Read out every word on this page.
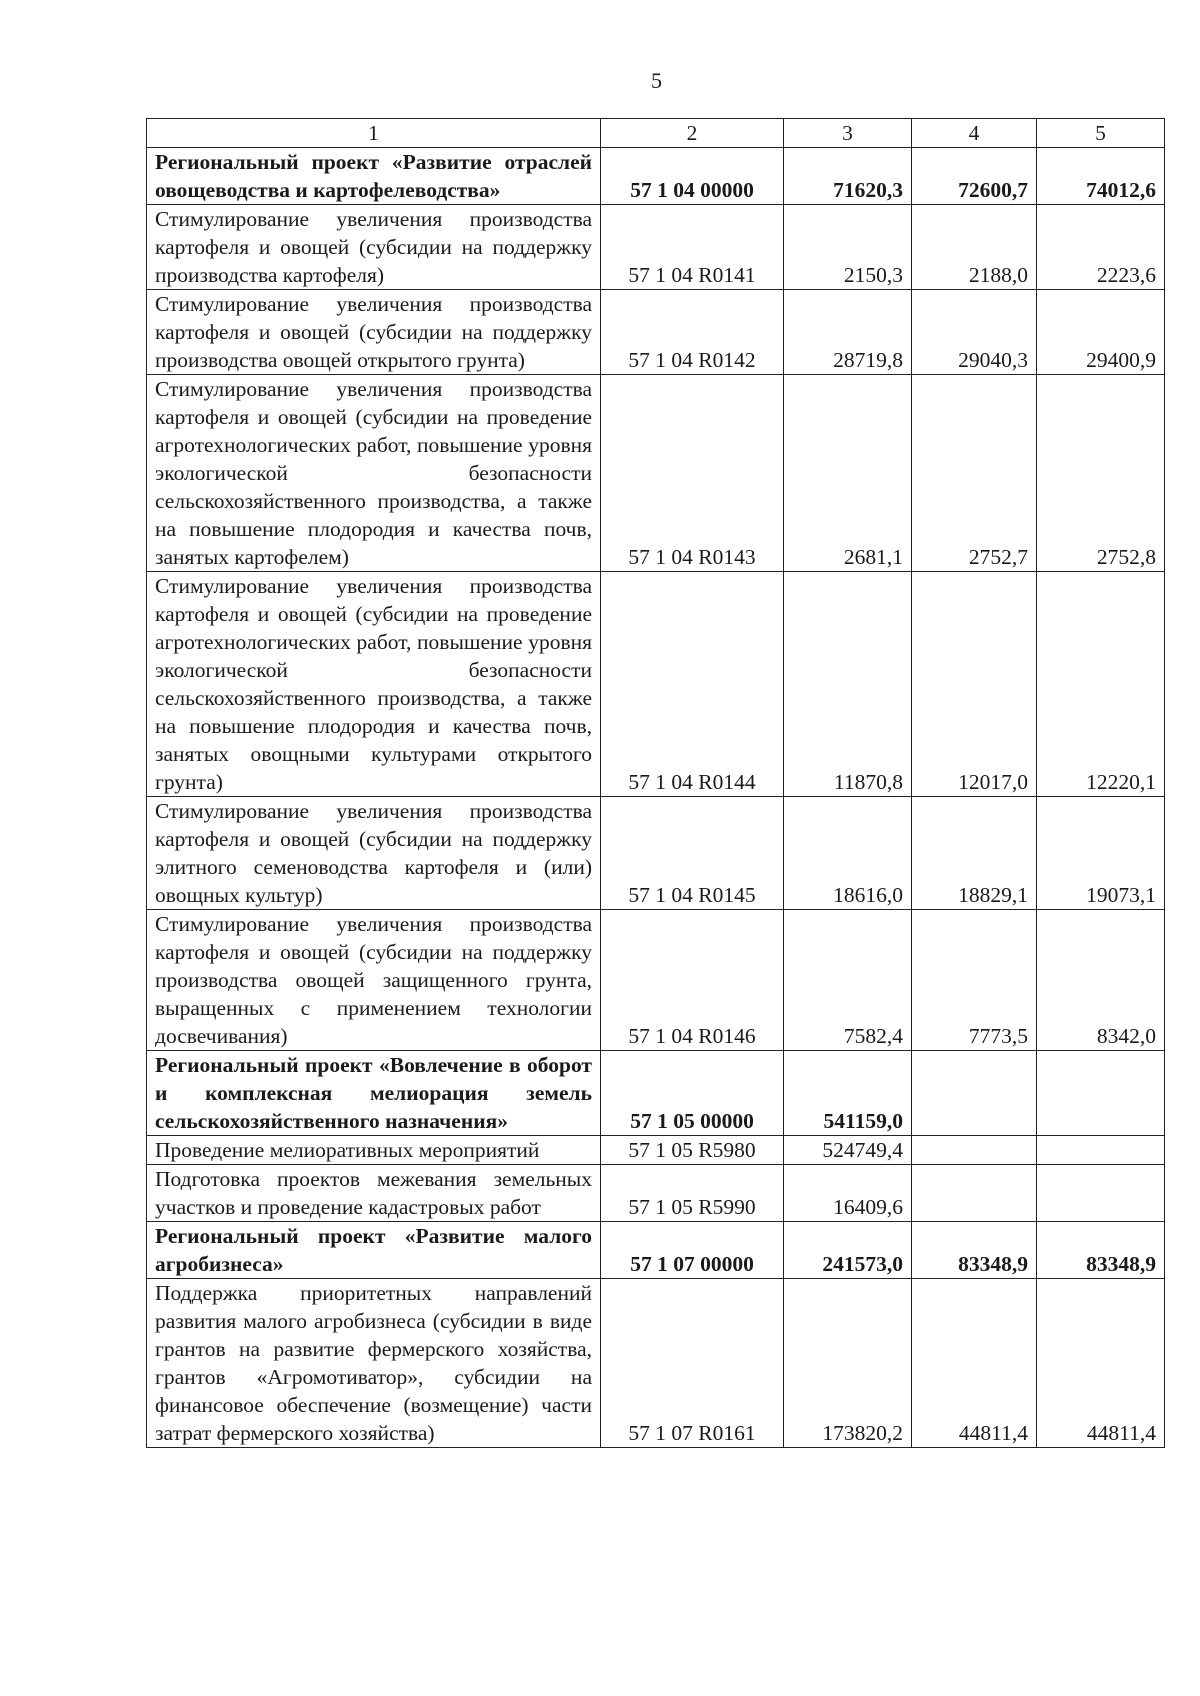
5
1	2	3	4	5
Региональный проект «Развитие отраслей овощеводства и картофелеводства»	57 1 04 00000	71620,3	72600,7	74012,6
Стимулирование увеличения производства картофеля и овощей (субсидии на поддержку производства картофеля)	57 1 04 R0141	2150,3	2188,0	2223,6
Стимулирование увеличения производства картофеля и овощей (субсидии на поддержку производства овощей открытого грунта)	57 1 04 R0142	28719,8	29040,3	29400,9
Стимулирование увеличения производства картофеля и овощей (субсидии на проведение агротехнологических работ, повышение уровня экологической безопасности сельскохозяйственного производства, а также на повышение плодородия и качества почв, занятых картофелем)	57 1 04 R0143	2681,1	2752,7	2752,8
Стимулирование увеличения производства картофеля и овощей (субсидии на проведение агротехнологических работ, повышение уровня экологической безопасности сельскохозяйственного производства, а также на повышение плодородия и качества почв, занятых овощными культурами открытого грунта)	57 1 04 R0144	11870,8	12017,0	12220,1
Стимулирование увеличения производства картофеля и овощей (субсидии на поддержку элитного семеноводства картофеля и (или) овощных культур)	57 1 04 R0145	18616,0	18829,1	19073,1
Стимулирование увеличения производства картофеля и овощей (субсидии на поддержку производства овощей защищенного грунта, выращенных с применением технологии досвечивания)	57 1 04 R0146	7582,4	7773,5	8342,0
Региональный проект «Вовлечение в оборот и комплексная мелиорация земель сельскохозяйственного назначения»	57 1 05 00000	541159,0		
Проведение мелиоративных мероприятий	57 1 05 R5980	524749,4		
Подготовка проектов межевания земельных участков и проведение кадастровых работ	57 1 05 R5990	16409,6		
Региональный проект «Развитие малого агробизнеса»	57 1 07 00000	241573,0	83348,9	83348,9
Поддержка приоритетных направлений развития малого агробизнеса (субсидии в виде грантов на развитие фермерского хозяйства, грантов «Агромотиватор», субсидии на финансовое обеспечение (возмещение) части затрат фермерского хозяйства)	57 1 07 R0161	173820,2	44811,4	44811,4
